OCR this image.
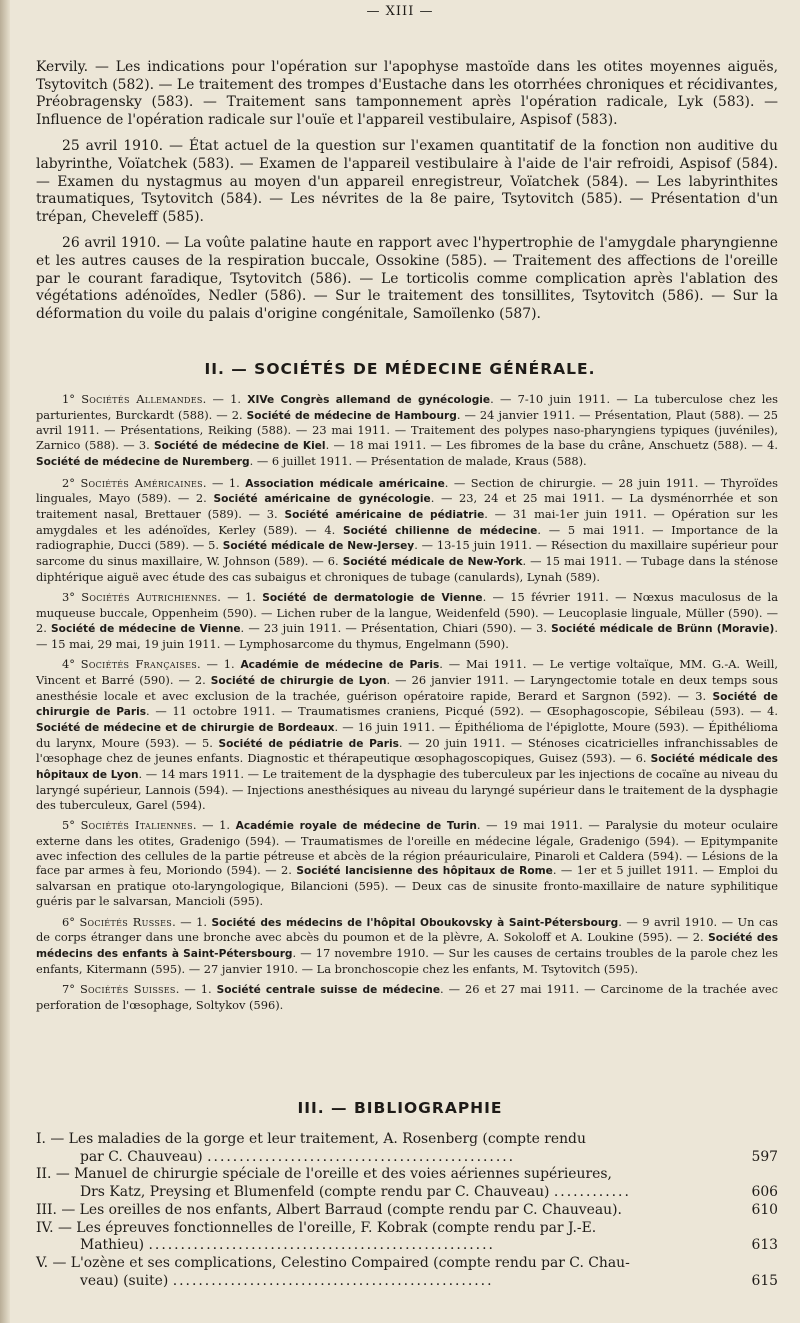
— XIII —
Kervily. — Les indications pour l'opération sur l'apophyse mastoïde dans les otites moyennes aiguës, Tsytovitch (582). — Le traitement des trompes d'Eustache dans les otorrhées chroniques et récidivantes, Préobragensky (583). — Traitement sans tamponnement après l'opération radicale, Lyk (583). — Influence de l'opération radicale sur l'ouïe et l'appareil vestibulaire, Aspisof (583).
25 avril 1910. — État actuel de la question sur l'examen quantitatif de la fonction non auditive du labyrinthe, Voïatchek (583). — Examen de l'appareil vestibulaire à l'aide de l'air refroidi, Aspisof (584). — Examen du nystagmus au moyen d'un appareil enregistreur, Voïatchek (584). — Les labyrinthites traumatiques, Tsytovitch (584). — Les névrites de la 8e paire, Tsytovitch (585). — Présentation d'un trépan, Cheveleff (585).
26 avril 1910. — La voûte palatine haute en rapport avec l'hypertrophie de l'amygdale pharyngienne et les autres causes de la respiration buccale, Ossokine (585). — Traitement des affections de l'oreille par le courant faradique, Tsytovitch (586). — Le torticolis comme complication après l'ablation des végétations adénoïdes, Nedler (586). — Sur le traitement des tonsillites, Tsytovitch (586). — Sur la déformation du voile du palais d'origine congénitale, Samoïlenko (587).
II. — SOCIÉTÉS DE MÉDECINE GÉNÉRALE.
1° Sociétés Allemandes. — 1. XIVe Congrès allemand de gynécologie. — 7-10 juin 1911. — La tuberculose chez les parturientes, Burckardt (588). — 2. Société de médecine de Hambourg. — 24 janvier 1911. — Présentation, Plaut (588). — 25 avril 1911. — Présentations, Reiking (588). — 23 mai 1911. — Traitement des polypes naso-pharyngiens typiques (juvéniles), Zarnico (588). — 3. Société de médecine de Kiel. — 18 mai 1911. — Les fibromes de la base du crâne, Anschuetz (588). — 4. Société de médecine de Nuremberg. — 6 juillet 1911. — Présentation de malade, Kraus (588).
2° Sociétés Américaines. — 1. Association médicale américaine. — Section de chirurgie. — 28 juin 1911. — Thyroïdes linguales, Mayo (589). — 2. Société américaine de gynécologie. — 23, 24 et 25 mai 1911. — La dysménorrhée et son traitement nasal, Brettauer (589). — 3. Société américaine de pédiatrie. — 31 mai-1er juin 1911. — Opération sur les amygdales et les adénoïdes, Kerley (589). — 4. Société chilienne de médecine. — 5 mai 1911. — Importance de la radiographie, Ducci (589). — 5. Société médicale de New-Jersey. — 13-15 juin 1911. — Résection du maxillaire supérieur pour sarcome du sinus maxillaire, W. Johnson (589). — 6. Société médicale de New-York. — 15 mai 1911. — Tubage dans la sténose diphtérique aiguë avec étude des cas subaigus et chroniques de tubage (canulards), Lynah (589).
3° Sociétés Autrichiennes. — 1. Société de dermatologie de Vienne. — 15 février 1911. — Nœxus maculosus de la muqueuse buccale, Oppenheim (590). — Lichen ruber de la langue, Weidenfeld (590). — Leucoplasie linguale, Müller (590). — 2. Société de médecine de Vienne. — 23 juin 1911. — Présentation, Chiari (590). — 3. Société médicale de Brünn (Moravie). — 15 mai, 29 mai, 19 juin 1911. — Lymphosarcome du thymus, Engelmann (590).
4° Sociétés Françaises. — 1. Académie de médecine de Paris. — Mai 1911. — Le vertige voltaïque, MM. G.-A. Weill, Vincent et Barré (590). — 2. Société de chirurgie de Lyon. — 26 janvier 1911. — Laryngectomie totale en deux temps sous anesthésie locale et avec exclusion de la trachée, guérison opératoire rapide, Berard et Sargnon (592). — 3. Société de chirurgie de Paris. — 11 octobre 1911. — Traumatismes craniens, Picqué (592). — Œsophagoscopie, Sébileau (593). — 4. Société de médecine et de chirurgie de Bordeaux. — 16 juin 1911. — Épithélioma de l'épiglotte, Moure (593). — Épithélioma du larynx, Moure (593). — 5. Société de pédiatrie de Paris. — 20 juin 1911. — Sténoses cicatricielles infranchissables de l'œsophage chez de jeunes enfants. Diagnostic et thérapeutique œsophagoscopiques, Guisez (593). — 6. Société médicale des hôpitaux de Lyon. — 14 mars 1911. — Le traitement de la dysphagie des tuberculeux par les injections de cocaïne au niveau du laryngé supérieur, Lannois (594). — Injections anesthésiques au niveau du laryngé supérieur dans le traitement de la dysphagie des tuberculeux, Garel (594).
5° Sociétés Italiennes. — 1. Académie royale de médecine de Turin. — 19 mai 1911. — Paralysie du moteur oculaire externe dans les otites, Gradenigo (594). — Traumatismes de l'oreille en médecine légale, Gradenigo (594). — Epitympanite avec infection des cellules de la partie pétreuse et abcès de la région préauriculaire, Pinaroli et Caldera (594). — Lésions de la face par armes à feu, Moriondo (594). — 2. Société lancisienne des hôpitaux de Rome. — 1er et 5 juillet 1911. — Emploi du salvarsan en pratique oto-laryngologique, Bilancioni (595). — Deux cas de sinusite fronto-maxillaire de nature syphilitique guéris par le salvarsan, Mancioli (595).
6° Sociétés Russes. — 1. Société des médecins de l'hôpital Oboukovsky à Saint-Pétersbourg. — 9 avril 1910. — Un cas de corps étranger dans une bronche avec abcès du poumon et de la plèvre, A. Sokoloff et A. Loukine (595). — 2. Société des médecins des enfants à Saint-Pétersbourg. — 17 novembre 1910. — Sur les causes de certains troubles de la parole chez les enfants, Kitermann (595). — 27 janvier 1910. — La bronchoscopie chez les enfants, M. Tsytovitch (595).
7° Sociétés Suisses. — 1. Société centrale suisse de médecine. — 26 et 27 mai 1911. — Carcinome de la trachée avec perforation de l'œsophage, Soltykov (596).
III. — BIBLIOGRAPHIE
I. — Les maladies de la gorge et leur traitement, A. Rosenberg (compte rendu
par C. Chauveau) ................................................	597
II. — Manuel de chirurgie spéciale de l'oreille et des voies aériennes supérieures,
Drs Katz, Preysing et Blumenfeld (compte rendu par C. Chauveau) ............	606
III. — Les oreilles de nos enfants, Albert Barraud (compte rendu par C. Chauveau).	610
IV. — Les épreuves fonctionnelles de l'oreille, F. Kobrak (compte rendu par J.-E.
Mathieu) ......................................................	613
V. — L'ozène et ses complications, Celestino Compaired (compte rendu par C. Chau-
veau) (suite) ..................................................	615
